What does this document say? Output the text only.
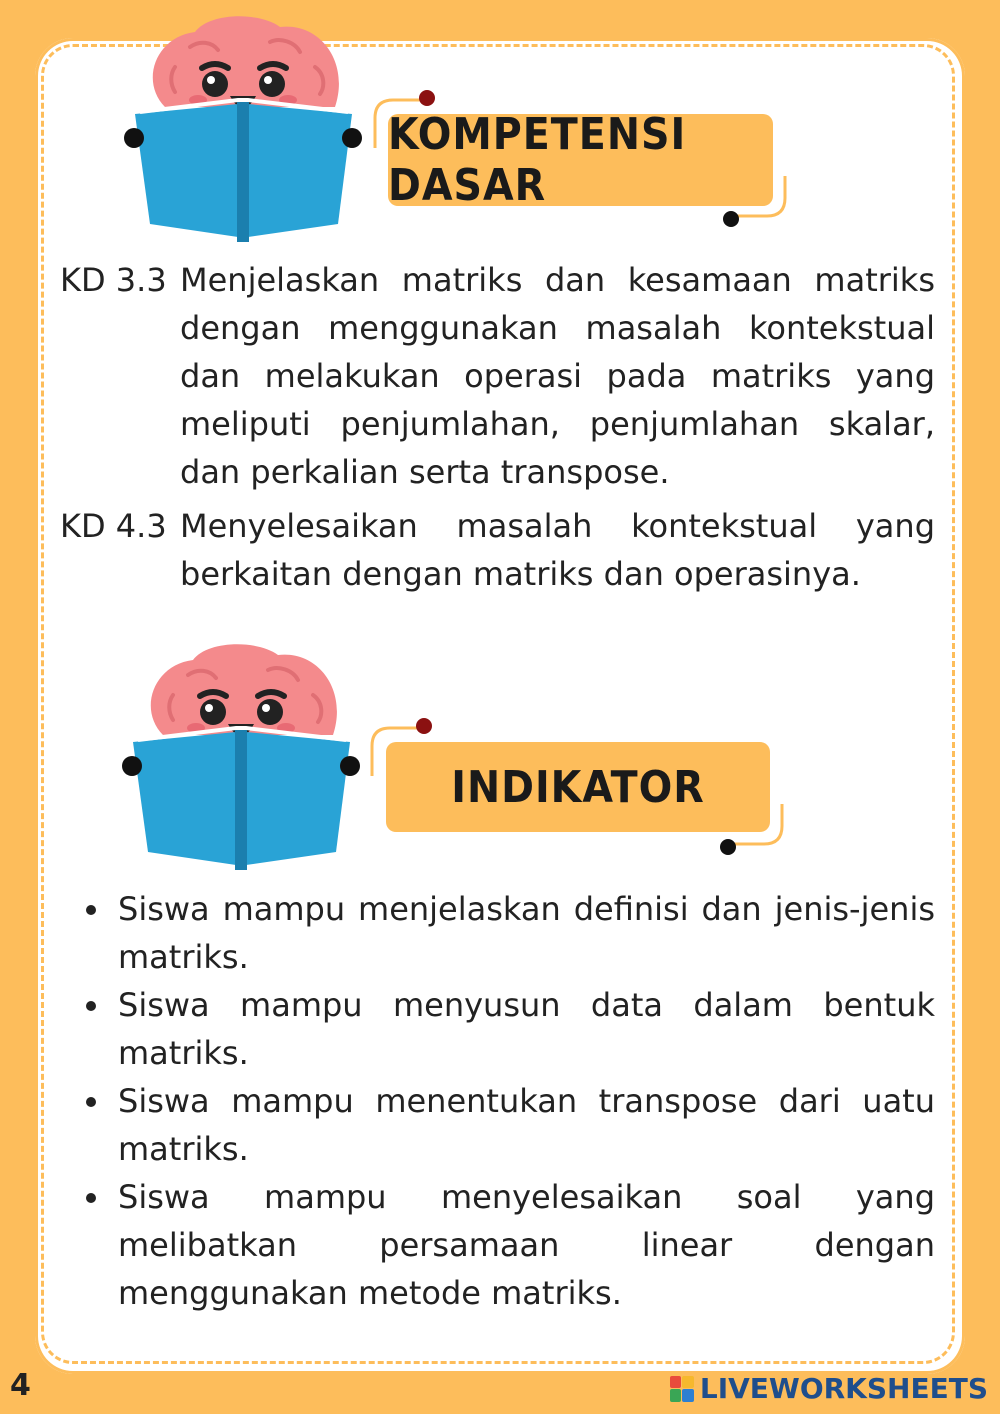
KOMPETENSI DASAR
KD 3.3 Menjelaskan matriks dan kesamaan matriks dengan menggunakan masalah kontekstual dan melakukan operasi pada matriks yang meliputi penjumlahan, penjumlahan skalar, dan perkalian serta transpose.
KD 4.3 Menyelesaikan masalah kontekstual yang berkaitan dengan matriks dan operasinya.
INDIKATOR
Siswa mampu menjelaskan definisi dan jenis-jenis matriks.
Siswa mampu menyusun data dalam bentuk matriks.
Siswa mampu menentukan transpose dari uatu matriks.
Siswa mampu menyelesaikan soal yang melibatkan persamaan linear dengan menggunakan metode matriks.
4	LIVEWORKSHEETS
